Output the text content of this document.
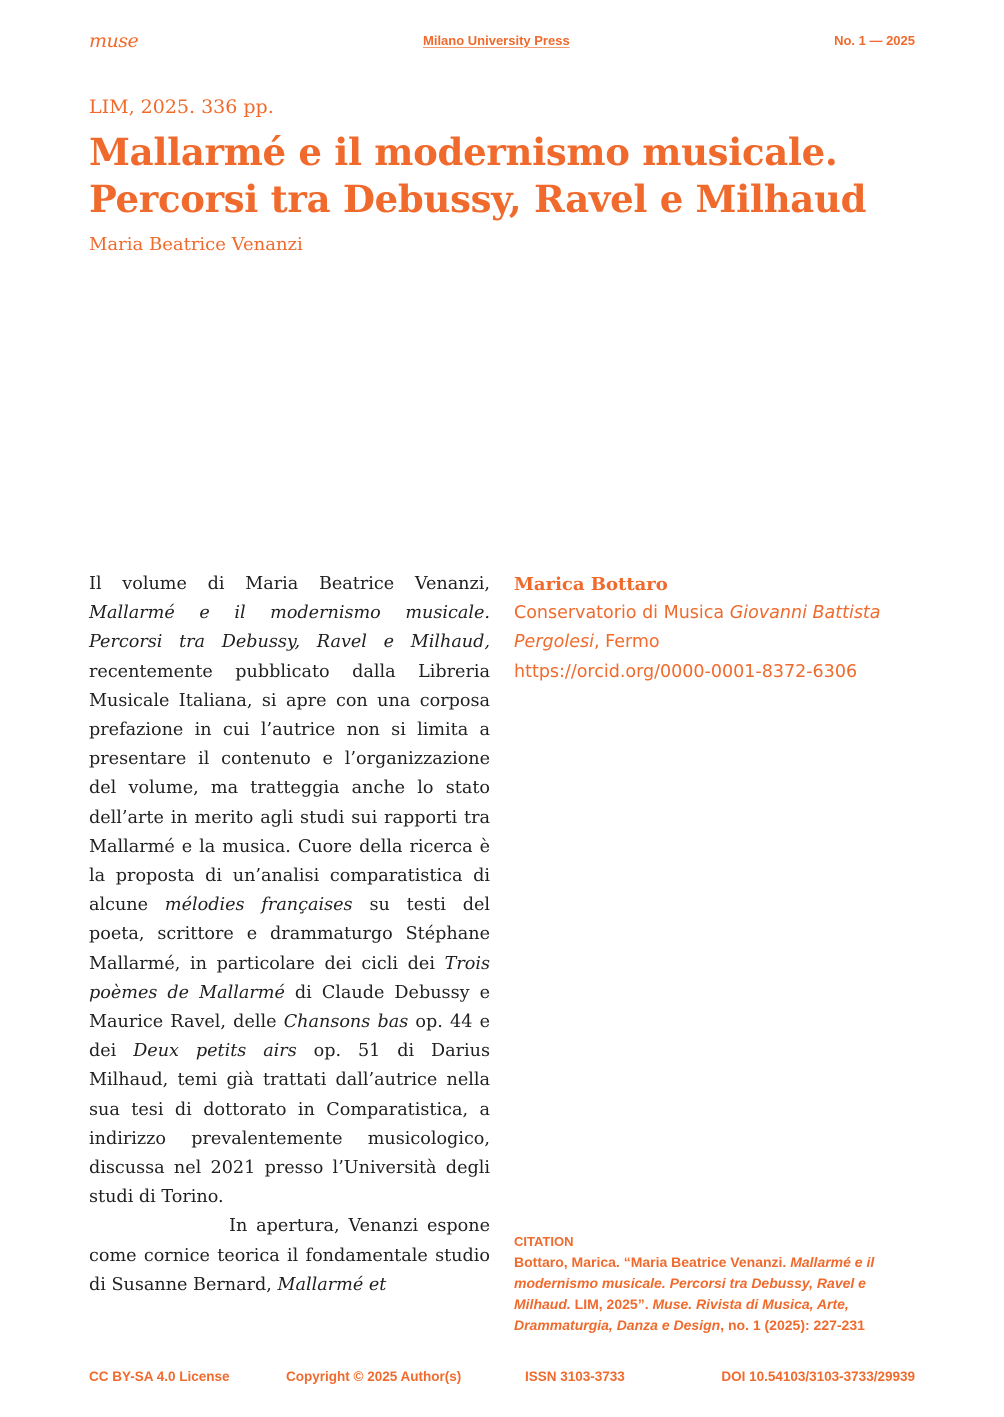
muse	Milano University Press	No. 1 — 2025
LIM, 2025. 336 pp.
Mallarmé e il modernismo musicale.
Percorsi tra Debussy, Ravel e Milhaud
Maria Beatrice Venanzi

Il volume di Maria Beatrice Venanzi, Mallarmé e il modernismo musicale. Percorsi tra Debussy, Ravel e Milhaud, recentemente pubblicato dalla Libreria Musicale Italiana, si apre con una corposa prefazione in cui l’autrice non si limita a presentare il contenuto e l’organizzazione del volume, ma tratteggia anche lo stato dell’arte in merito agli studi sui rapporti tra Mallarmé e la musica. Cuore della ricerca è la proposta di un’analisi comparatistica di alcune mélodies françaises su testi del poeta, scrittore e drammaturgo Stéphane Mallarmé, in particolare dei cicli dei Trois poèmes de Mallarmé di Claude Debussy e Maurice Ravel, delle Chansons bas op. 44 e dei Deux petits airs op. 51 di Darius Milhaud, temi già trattati dall’autrice nella sua tesi di dottorato in Comparatistica, a indirizzo prevalentemente musicologico, discussa nel 2021 presso l’Università degli studi di Torino.

In apertura, Venanzi espone come cornice teorica il fondamentale studio di Susanne Bernard, Mallarmé et

Marica Bottaro
Conservatorio di Musica Giovanni Battista Pergolesi, Fermo
https://orcid.org/0000-0001-8372-6306
CITATION
Bottaro, Marica. “Maria Beatrice Venanzi. Mallarmé e il modernismo musicale. Percorsi tra Debussy, Ravel e Milhaud. LIM, 2025”. Muse. Rivista di Musica, Arte, Drammaturgia, Danza e Design, no. 1 (2025): 227-231
CC BY-SA 4.0 License	Copyright © 2025 Author(s)	ISSN 3103-3733	DOI 10.54103/3103-3733/29939
